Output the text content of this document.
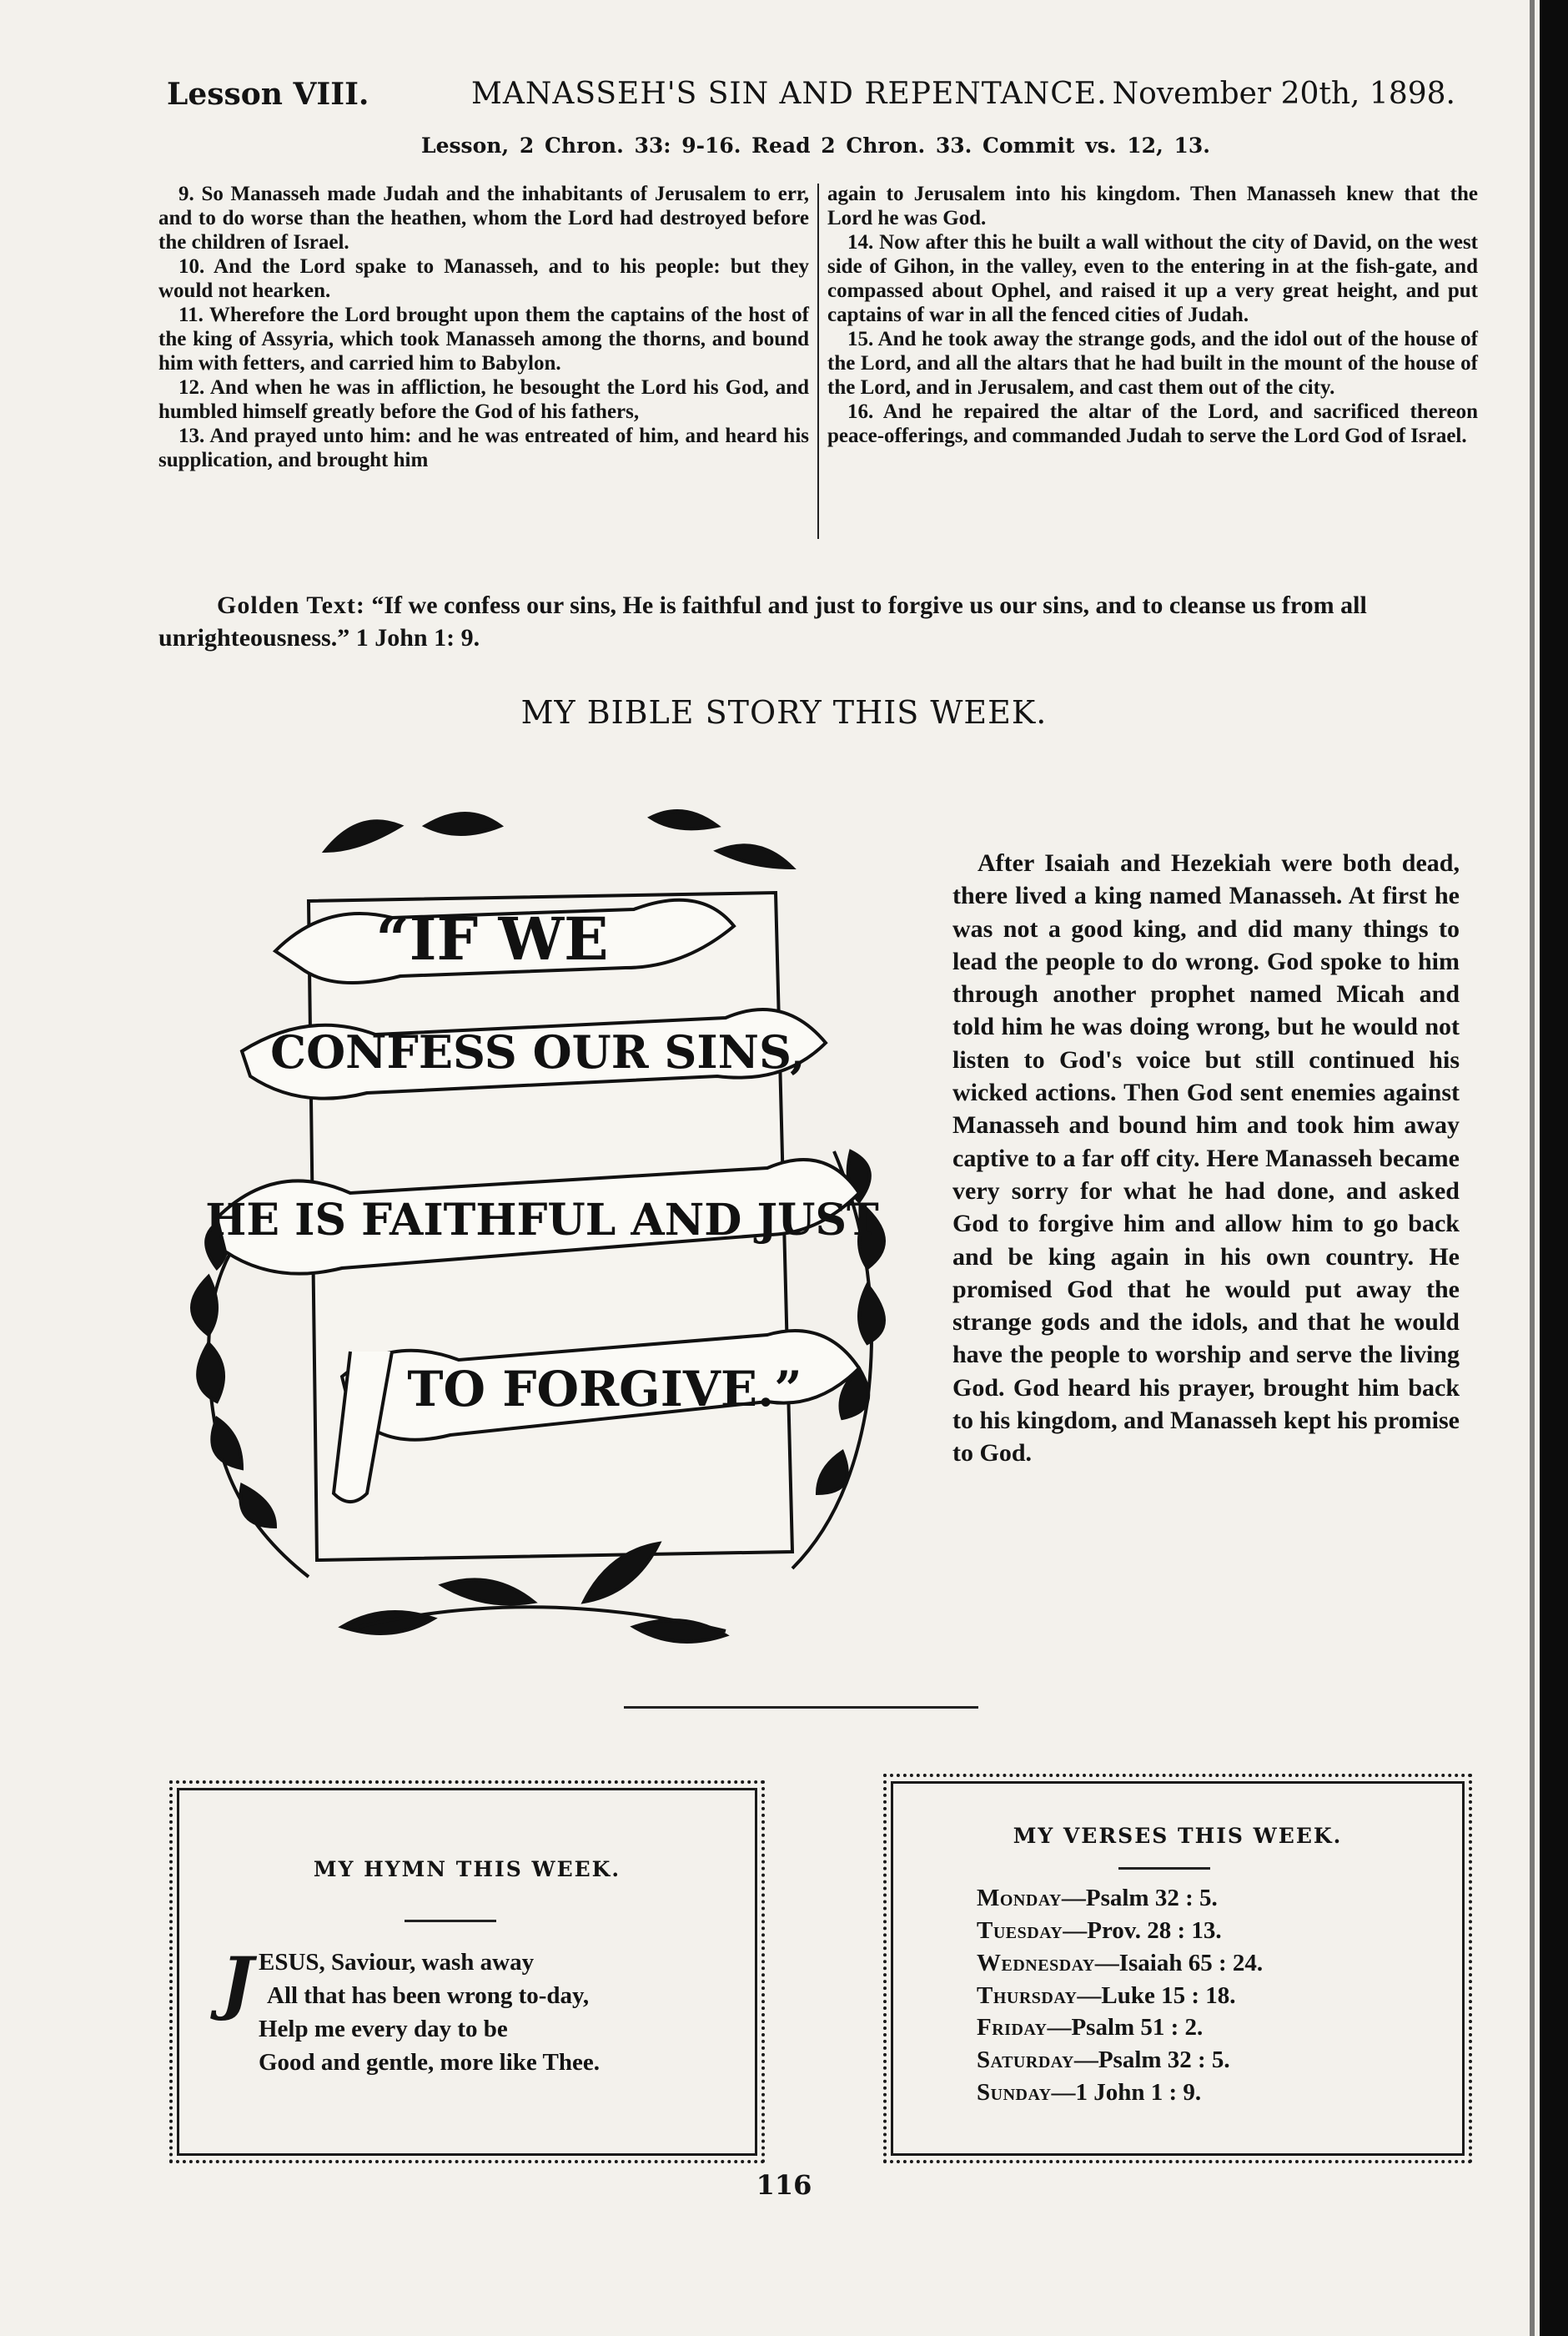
Lesson VIII.	MANASSEH'S SIN AND REPENTANCE. November 20th, 1898.
Lesson, 2 Chron. 33: 9-16. Read 2 Chron. 33. Commit vs. 12, 13.

9. So Manasseh made Judah and the inhabitants of Jerusalem to err, and to do worse than the heathen, whom the Lord had destroyed before the children of Israel.

10. And the Lord spake to Manasseh, and to his people: but they would not hearken.

11. Wherefore the Lord brought upon them the captains of the host of the king of Assyria, which took Manasseh among the thorns, and bound him with fetters, and carried him to Babylon.

12. And when he was in affliction, he besought the Lord his God, and humbled himself greatly before the God of his fathers,

13. And prayed unto him: and he was entreated of him, and heard his supplication, and brought him

again to Jerusalem into his kingdom. Then Manasseh knew that the Lord he was God.

14. Now after this he built a wall without the city of David, on the west side of Gihon, in the valley, even to the entering in at the fish-gate, and compassed about Ophel, and raised it up a very great height, and put captains of war in all the fenced cities of Judah.

15. And he took away the strange gods, and the idol out of the house of the Lord, and all the altars that he had built in the mount of the house of the Lord, and in Jerusalem, and cast them out of the city.

16. And he repaired the altar of the Lord, and sacrificed thereon peace-offerings, and commanded Judah to serve the Lord God of Israel.

Golden Text: “If we confess our sins, He is faithful and just to forgive us our sins, and to cleanse us from all unrighteousness.” 1 John 1: 9.
MY BIBLE STORY THIS WEEK.
“IF WE
CONFESS OUR SINS,
HE IS FAITHFUL AND JUST
TO FORGIVE.”

After Isaiah and Hezekiah were both dead, there lived a king named Manasseh. At first he was not a good king, and did many things to lead the people to do wrong. God spoke to him through another prophet named Micah and told him he was doing wrong, but he would not listen to God's voice but still continued his wicked actions. Then God sent enemies against Manasseh and bound him and took him away captive to a far off city. Here Manasseh became very sorry for what he had done, and asked God to forgive him and allow him to go back and be king again in his own country. He promised God that he would put away the strange gods and the idols, and that he would have the people to worship and serve the living God. God heard his prayer, brought him back to his kingdom, and Manasseh kept his promise to God.

MY HYMN THIS WEEK.
J ESUS, Saviour, wash away
All that has been wrong to-day,
Help me every day to be
Good and gentle, more like Thee.
MY VERSES THIS WEEK.
Monday—Psalm 32 : 5.
Tuesday—Prov. 28 : 13.
Wednesday—Isaiah 65 : 24.
Thursday—Luke 15 : 18.
Friday—Psalm 51 : 2.
Saturday—Psalm 32 : 5.
Sunday—1 John 1 : 9.
116
